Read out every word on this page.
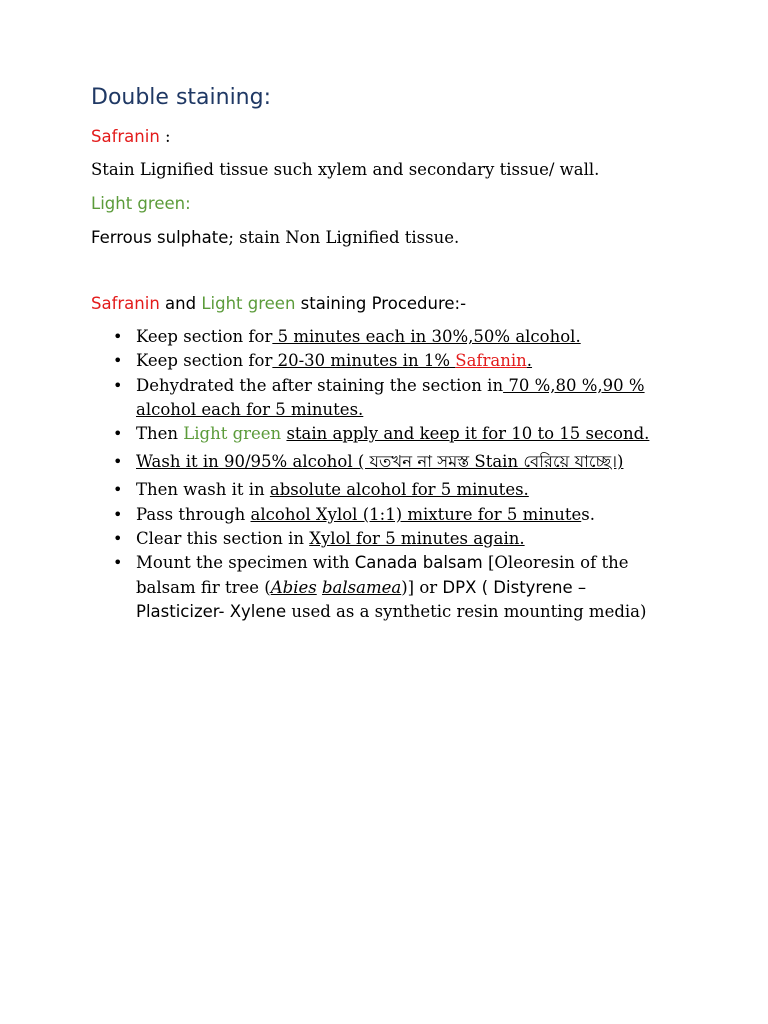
Double staining:
Safranin :
Stain Lignified tissue such xylem and secondary tissue/ wall.
Light green:
Ferrous sulphate; stain Non Lignified tissue.
Safranin and Light green staining Procedure:-
• Keep section for 5 minutes each in 30%,50% alcohol.
• Keep section for 20-30 minutes in 1% Safranin.
• Dehydrated the after staining the section in 70 %,80 %,90 % alcohol each for 5 minutes.
• Then Light green stain apply and keep it for 10 to 15 second.
• Wash it in 90/95% alcohol ( যতখন না সমস্ত Stain বেরিয়ে যাচ্ছে।)
• Then wash it in absolute alcohol for 5 minutes.
• Pass through alcohol Xylol (1:1) mixture for 5 minutes.
• Clear this section in Xylol for 5 minutes again.
• Mount the specimen with Canada balsam [Oleoresin of the balsam fir tree (Abies balsamea)] or DPX ( Distyrene – Plasticizer- Xylene used as a synthetic resin mounting media)
